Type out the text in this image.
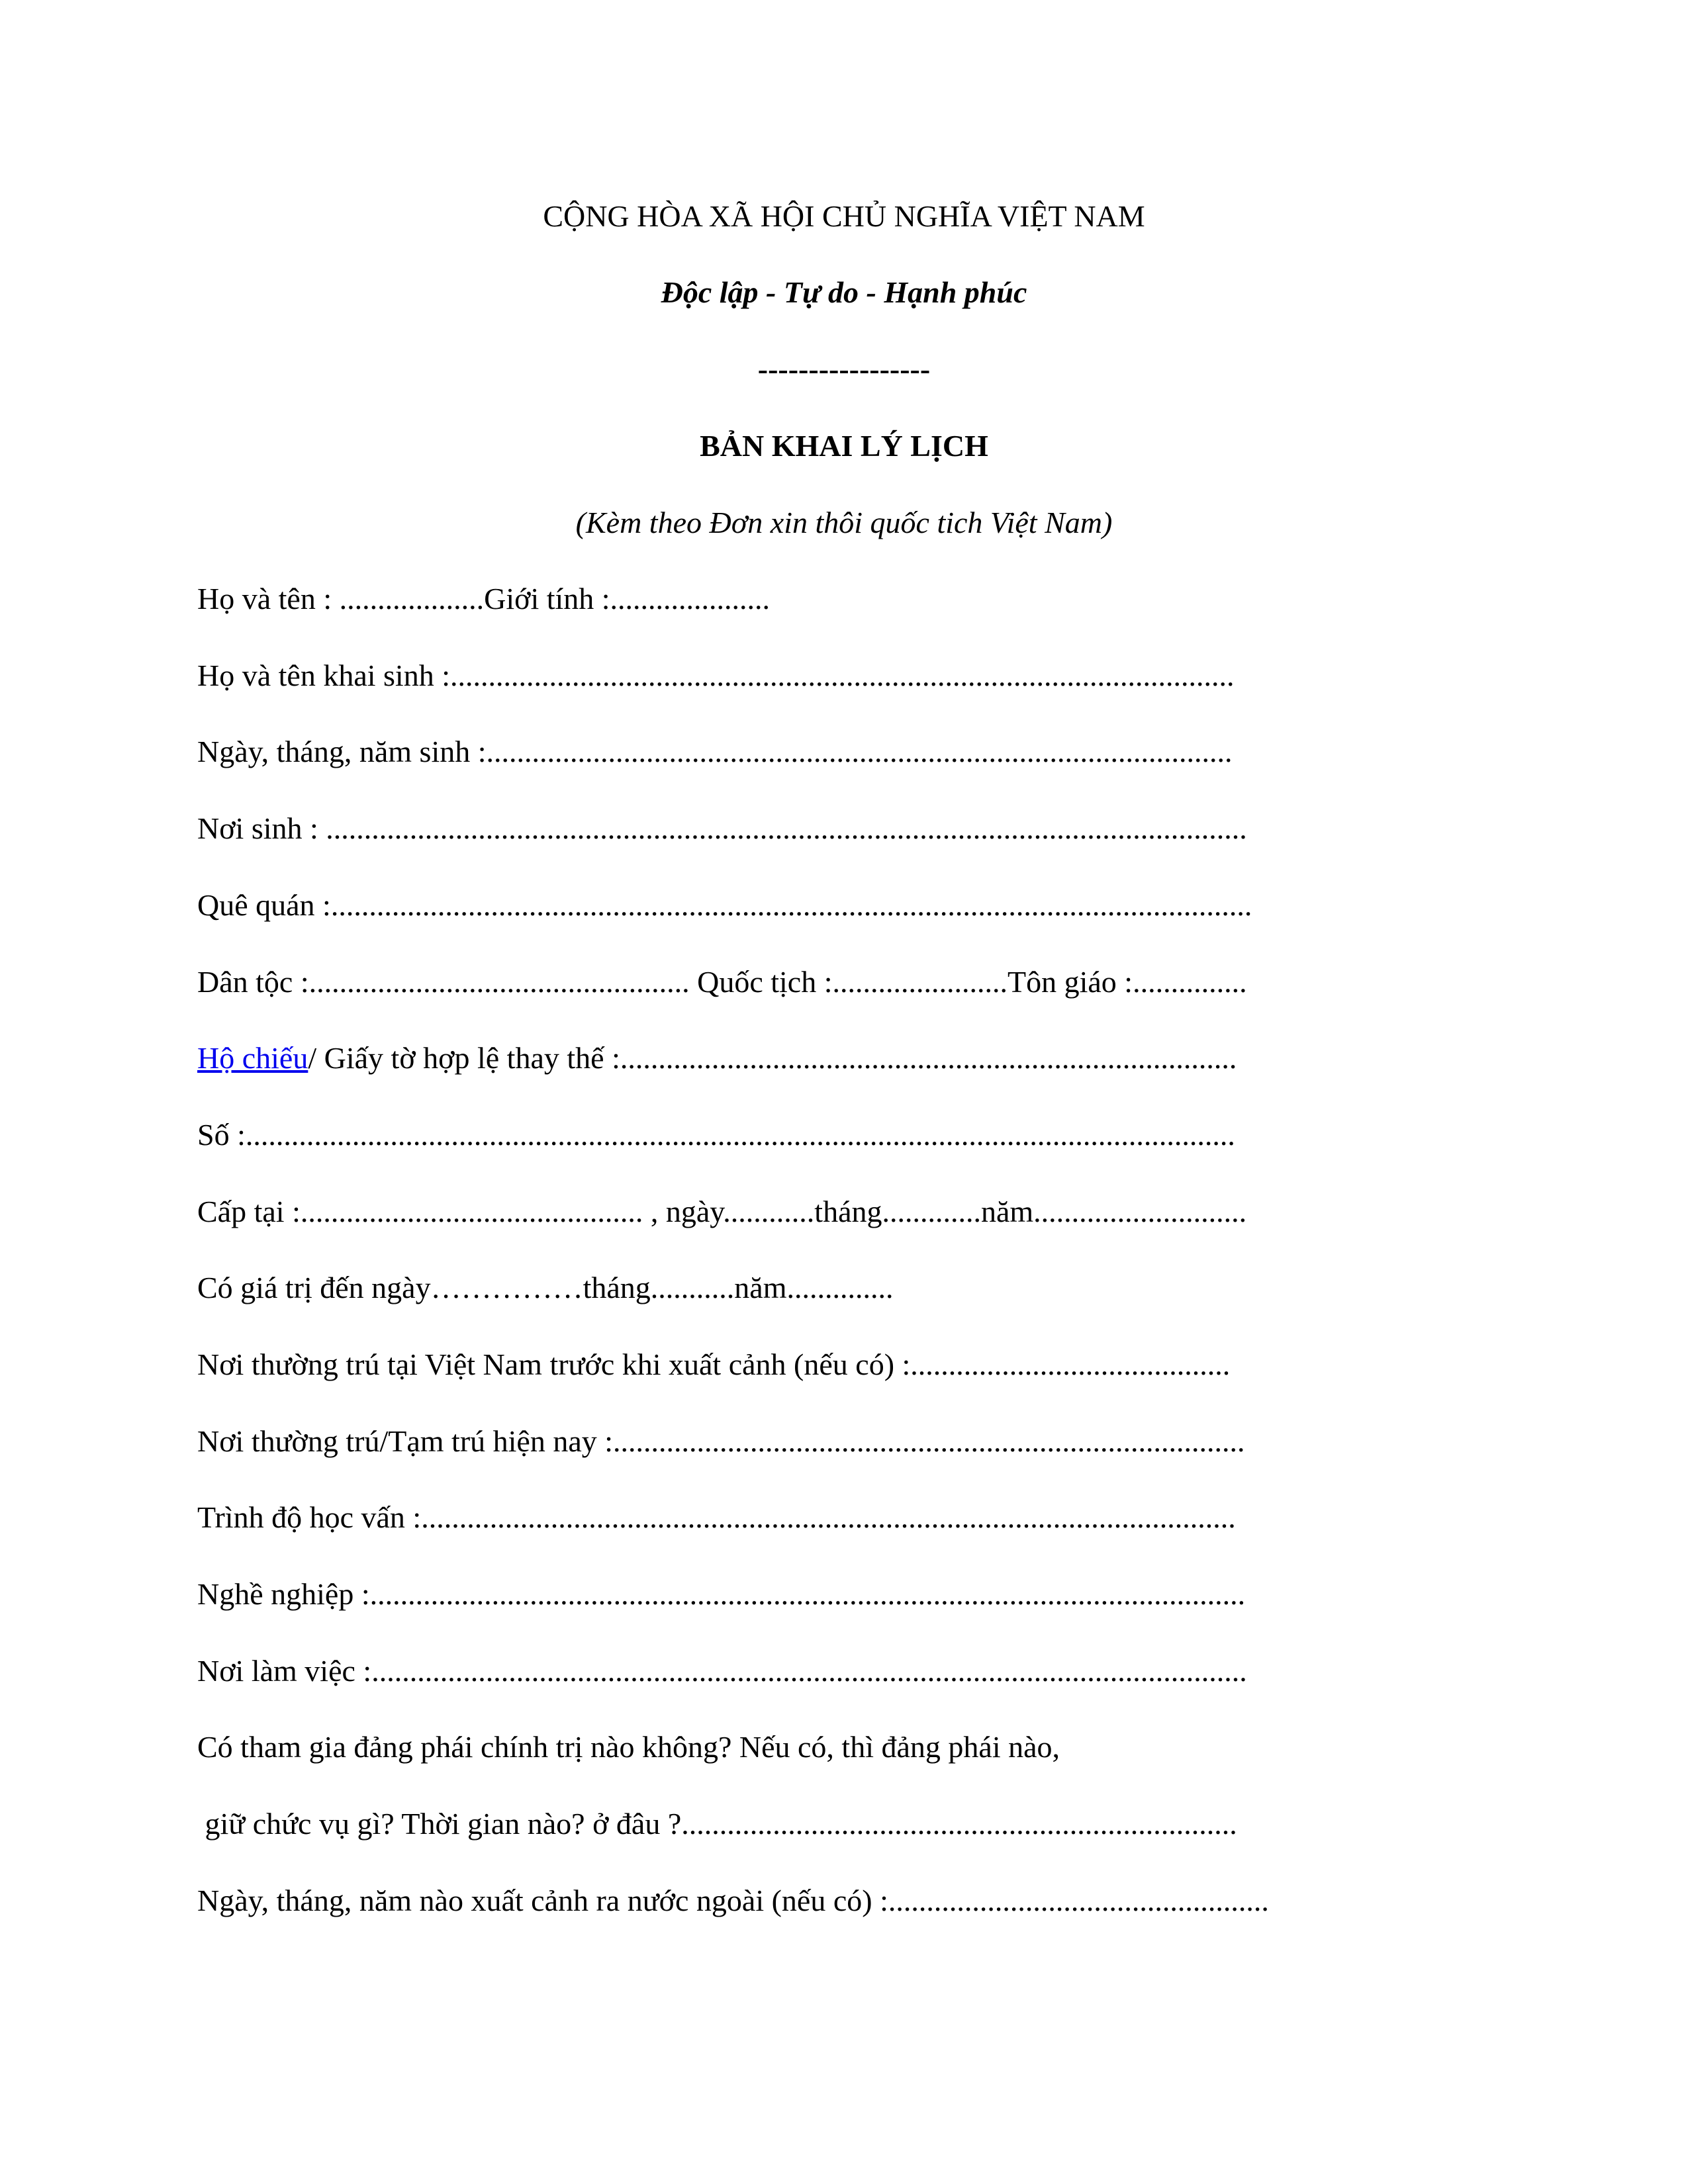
CỘNG HÒA XÃ HỘI CHỦ NGHĨA VIỆT NAM
Độc lập - Tự do - Hạnh phúc
-----------------
BẢN KHAI LÝ LỊCH
(Kèm theo Đơn xin thôi quốc tich Việt Nam)
Họ và tên : ...................Giới tính :.....................
Họ và tên khai sinh :.......................................................................................................
Ngày, tháng, năm sinh :..................................................................................................
Nơi sinh : .........................................................................................................................
Quê quán :.........................................................................................................................
Dân tộc :.................................................. Quốc tịch :.......................Tôn giáo :...............
Hộ chiếu/ Giấy tờ hợp lệ thay thế :.................................................................................
Số :..................................................................................................................................
Cấp tại :............................................. , ngày............tháng.............năm............................
Có giá trị đến ngày……………tháng...........năm..............
Nơi thường trú tại Việt Nam trước khi xuất cảnh (nếu có) :..........................................
Nơi thường trú/Tạm trú hiện nay :...................................................................................
Trình độ học vấn :...........................................................................................................
Nghề nghiệp :...................................................................................................................
Nơi làm việc :...................................................................................................................
Có tham gia đảng phái chính trị nào không? Nếu có, thì đảng phái nào,
giữ chức vụ gì? Thời gian nào? ở đâu ?.........................................................................
Ngày, tháng, năm nào xuất cảnh ra nước ngoài (nếu có) :..................................................
